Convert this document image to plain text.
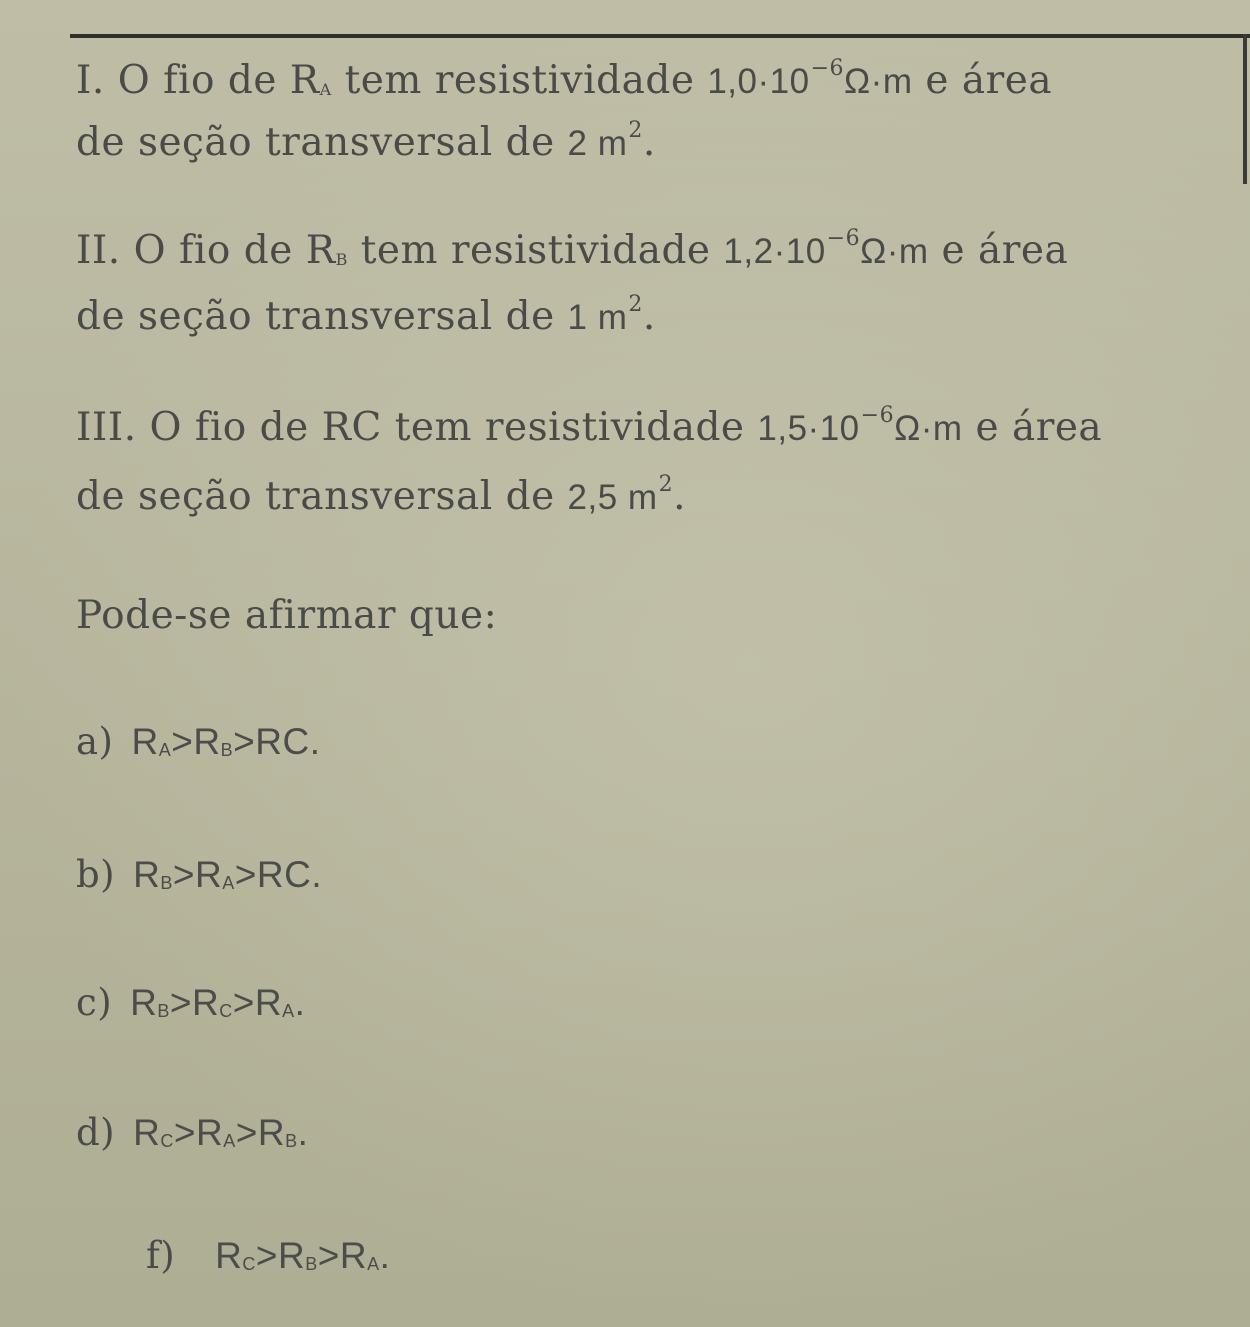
I. O fio de RA tem resistividade $1,0\cdot 10^{-6}\Omega\cdot m$ e área
de seção transversal de 2 $m^2$.
II. O fio de RB tem resistividade $1,2\cdot 10^{-6}\Omega\cdot m$ e área
de seção transversal de 1 $m^2$.
III. O fio de RC tem resistividade $1,5\cdot 10^{-6}\Omega\cdot m$ e área
de seção transversal de 2,5 $m^2$.
Pode-se afirmar que:
a) RA>RB>RC.
b) RB>RA>RC.
c) RB>RC>RA.
d) RC>RA>RB.
f) RC>RB>RA.
